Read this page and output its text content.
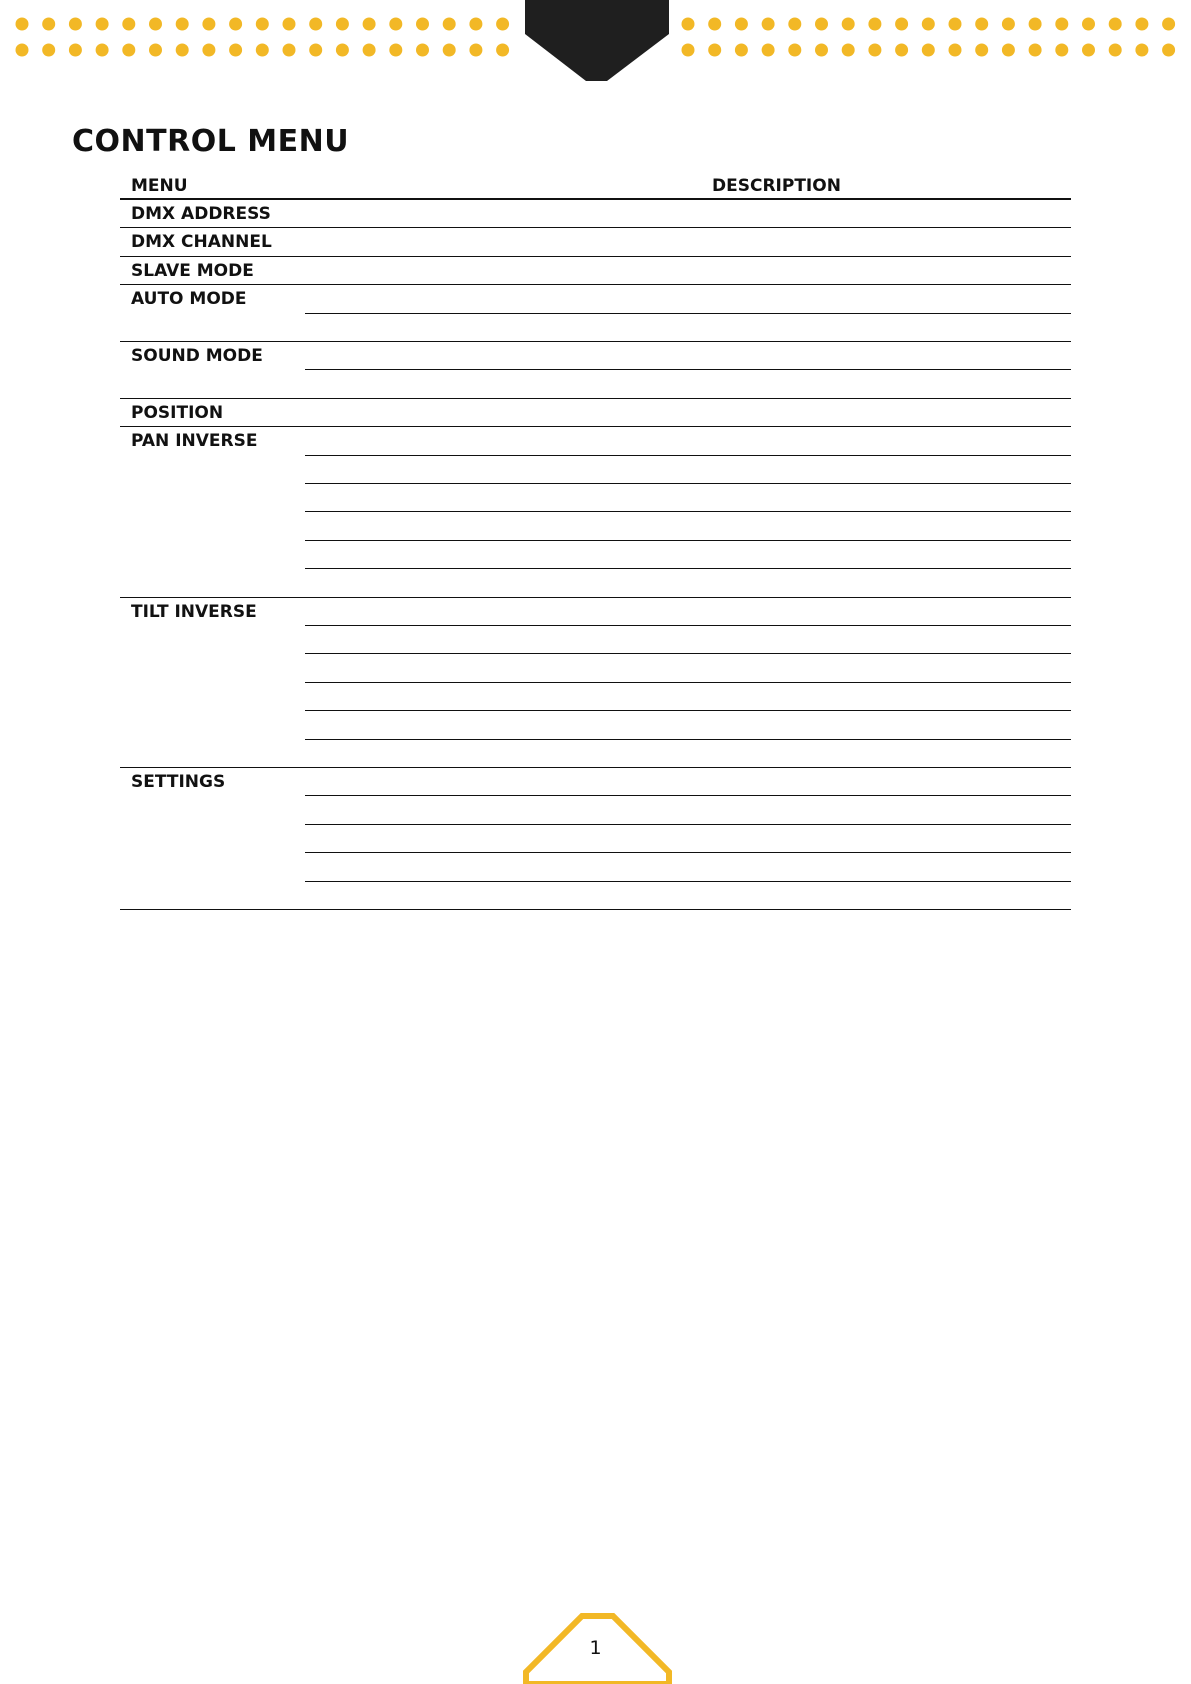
CONTROL MENU
MENU	DESCRIPTION
DMX ADDRESS
DMX CHANNEL
SLAVE MODE
AUTO MODE
SOUND MODE
POSITION
PAN INVERSE
TILT INVERSE
SETTINGS
1
